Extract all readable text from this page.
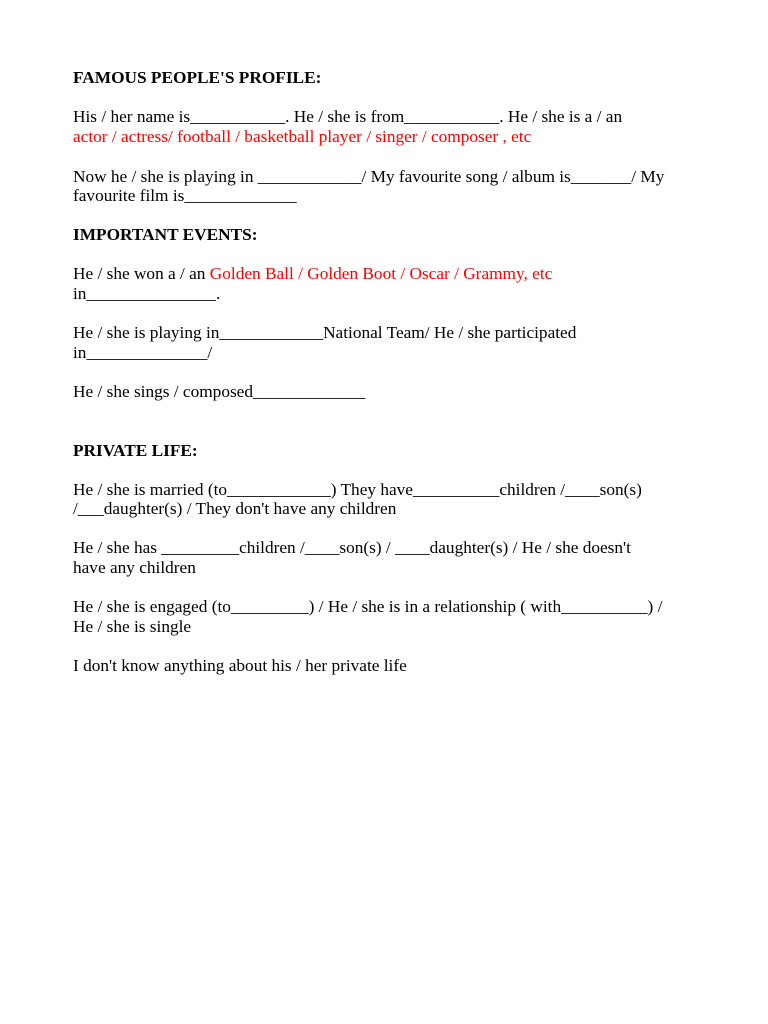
FAMOUS PEOPLE'S PROFILE:
His / her name is___________. He / she is from___________. He / she is a / an
actor / actress/ football / basketball player / singer / composer , etc
Now he / she is playing in ____________/ My favourite song / album is_______/ My
favourite film is_____________
IMPORTANT EVENTS:
He / she won a / an Golden Ball / Golden Boot / Oscar / Grammy, etc
in_______________.
He / she is playing in____________National Team/ He / she participated
in______________/
He / she sings / composed_____________
PRIVATE LIFE:
He / she is married (to____________) They have__________children /____son(s)
/___daughter(s) / They don't have any children
He / she has _________children /____son(s) / ____daughter(s) / He / she doesn't
have any children
He / she is engaged (to_________) / He / she is in a relationship ( with__________) /
He / she is single
I don't know anything about his / her private life
